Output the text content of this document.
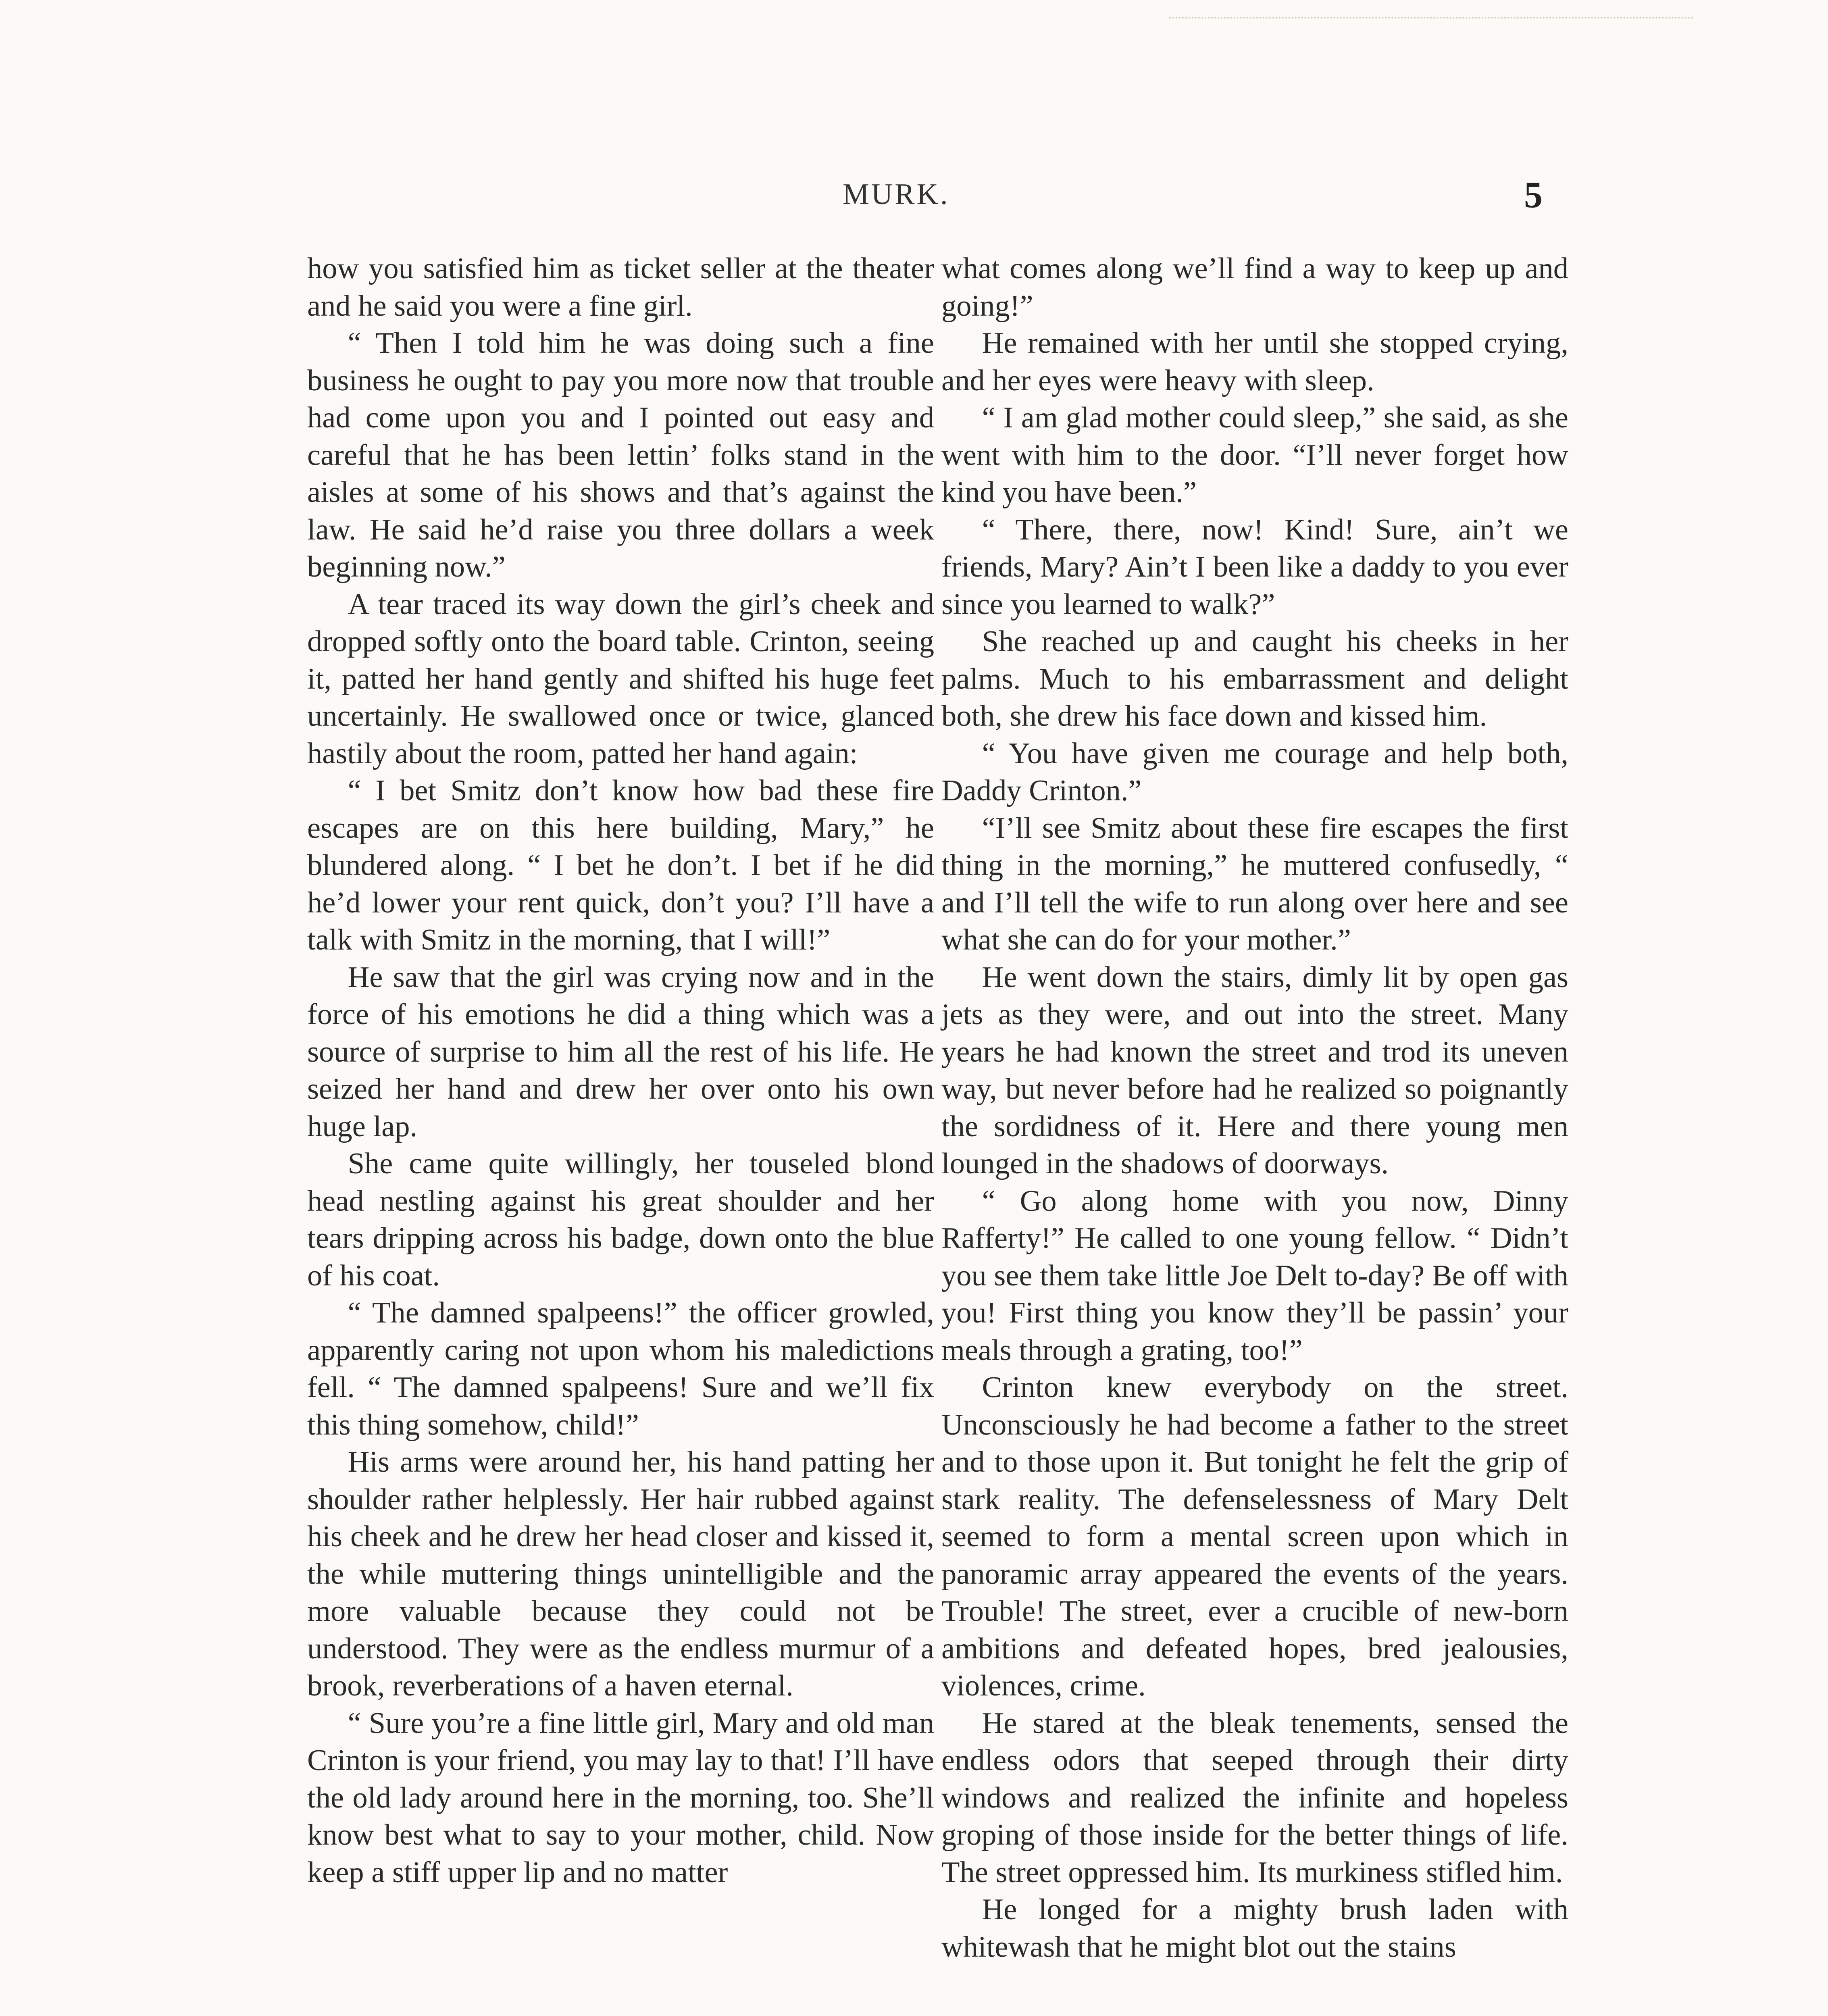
MURK.	5

how you satisfied him as ticket seller at the theater and he said you were a fine girl.

“ Then I told him he was doing such a fine business he ought to pay you more now that trouble had come upon you and I pointed out easy and careful that he has been lettin’ folks stand in the aisles at some of his shows and that’s against the law. He said he’d raise you three dollars a week beginning now.”

A tear traced its way down the girl’s cheek and dropped softly onto the board table. Crinton, seeing it, patted her hand gently and shifted his huge feet uncertainly. He swallowed once or twice, glanced hastily about the room, patted her hand again:

“ I bet Smitz don’t know how bad these fire escapes are on this here building, Mary,” he blundered along. “ I bet he don’t. I bet if he did he’d lower your rent quick, don’t you? I’ll have a talk with Smitz in the morning, that I will!”

He saw that the girl was crying now and in the force of his emotions he did a thing which was a source of surprise to him all the rest of his life. He seized her hand and drew her over onto his own huge lap.

She came quite willingly, her touseled blond head nestling against his great shoulder and her tears dripping across his badge, down onto the blue of his coat.

“ The damned spalpeens!” the officer growled, apparently caring not upon whom his maledictions fell. “ The damned spalpeens! Sure and we’ll fix this thing somehow, child!”

His arms were around her, his hand patting her shoulder rather helplessly. Her hair rubbed against his cheek and he drew her head closer and kissed it, the while muttering things unintelligible and the more valuable because they could not be understood. They were as the endless murmur of a brook, reverberations of a haven eternal.

“ Sure you’re a fine little girl, Mary and old man Crinton is your friend, you may lay to that! I’ll have the old lady around here in the morning, too. She’ll know best what to say to your mother, child. Now keep a stiff upper lip and no matter

what comes along we’ll find a way to keep up and going!”

He remained with her until she stopped crying, and her eyes were heavy with sleep.

“ I am glad mother could sleep,” she said, as she went with him to the door. “I’ll never forget how kind you have been.”

“ There, there, now! Kind! Sure, ain’t we friends, Mary? Ain’t I been like a daddy to you ever since you learned to walk?”

She reached up and caught his cheeks in her palms. Much to his embarrassment and delight both, she drew his face down and kissed him.

“ You have given me courage and help both, Daddy Crinton.”

“I’ll see Smitz about these fire escapes the first thing in the morning,” he muttered confusedly, “ and I’ll tell the wife to run along over here and see what she can do for your mother.”

He went down the stairs, dimly lit by open gas jets as they were, and out into the street. Many years he had known the street and trod its uneven way, but never before had he realized so poignantly the sordidness of it. Here and there young men lounged in the shadows of doorways.

“ Go along home with you now, Dinny Rafferty!” He called to one young fellow. “ Didn’t you see them take little Joe Delt to-day? Be off with you! First thing you know they’ll be passin’ your meals through a grating, too!”

Crinton knew everybody on the street. Unconsciously he had become a father to the street and to those upon it. But tonight he felt the grip of stark reality. The defenselessness of Mary Delt seemed to form a mental screen upon which in panoramic array appeared the events of the years. Trouble! The street, ever a crucible of new-born ambitions and defeated hopes, bred jealousies, violences, crime.

He stared at the bleak tenements, sensed the endless odors that seeped through their dirty windows and realized the infinite and hopeless groping of those inside for the better things of life. The street oppressed him. Its murkiness stifled him.

He longed for a mighty brush laden with whitewash that he might blot out the stains
